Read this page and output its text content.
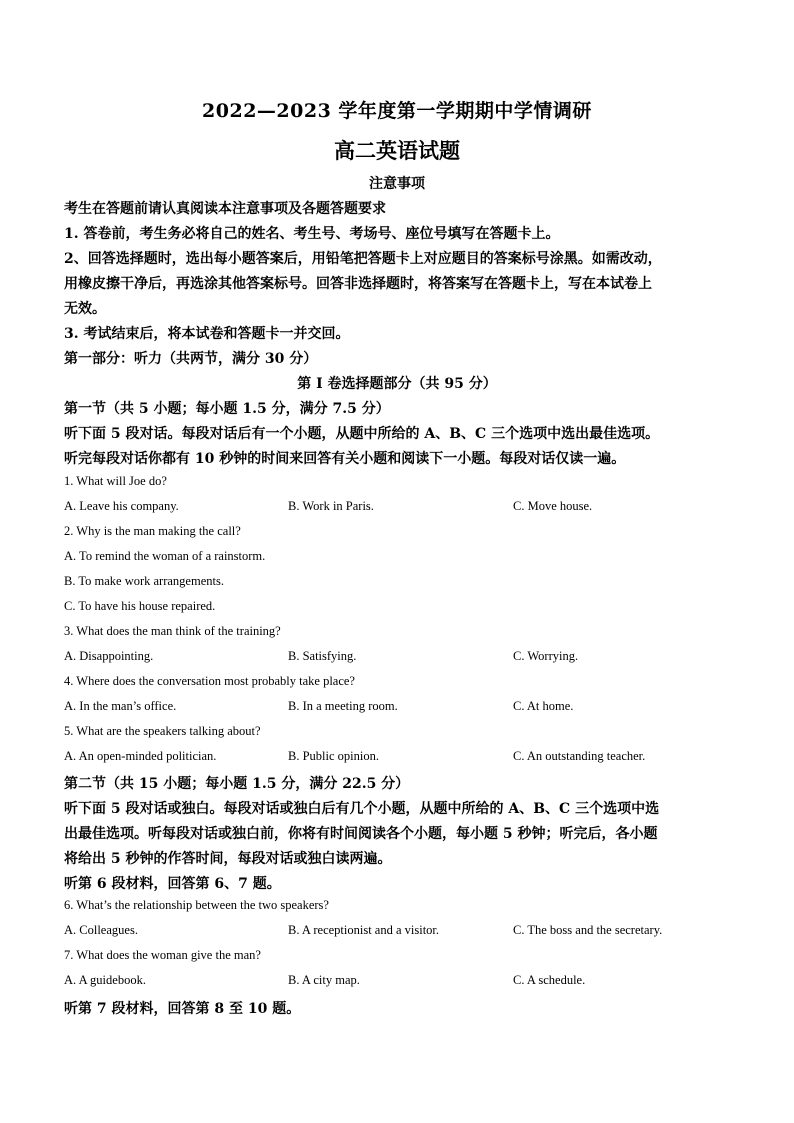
2022—2023 学年度第一学期期中学情调研
高二英语试题
注意事项
考生在答题前请认真阅读本注意事项及各题答题要求
1. 答卷前，考生务必将自己的姓名、考生号、考场号、座位号填写在答题卡上。
2、回答选择题时，选出每小题答案后，用铅笔把答题卡上对应题目的答案标号涂黑。如需改动，
用橡皮擦干净后，再选涂其他答案标号。回答非选择题时，将答案写在答题卡上，写在本试卷上
无效。
3. 考试结束后，将本试卷和答题卡一并交回。
第一部分：听力（共两节，满分 30 分）
第 I 卷选择题部分（共 95 分）
第一节（共 5 小题；每小题 1.5 分，满分 7.5 分）
听下面 5 段对话。每段对话后有一个小题，从题中所给的 A、B、C 三个选项中选出最佳选项。
听完每段对话你都有 10 秒钟的时间来回答有关小题和阅读下一小题。每段对话仅读一遍。
1. What will Joe do?
A. Leave his company.	B. Work in Paris.	C. Move house.
2. Why is the man making the call?
A. To remind the woman of a rainstorm.
B. To make work arrangements.
C. To have his house repaired.
3. What does the man think of the training?
A. Disappointing.	B. Satisfying.	C. Worrying.
4. Where does the conversation most probably take place?
A. In the man’s office.	B. In a meeting room.	C. At home.
5. What are the speakers talking about?
A. An open-minded politician.	B. Public opinion.	C. An outstanding teacher.
第二节（共 15 小题；每小题 1.5 分，满分 22.5 分）
听下面 5 段对话或独白。每段对话或独白后有几个小题，从题中所给的 A、B、C 三个选项中选
出最佳选项。听每段对话或独白前，你将有时间阅读各个小题，每小题 5 秒钟；听完后，各小题
将给出 5 秒钟的作答时间，每段对话或独白读两遍。
听第 6 段材料，回答第 6、7 题。
6. What’s the relationship between the two speakers?
A. Colleagues.	B. A receptionist and a visitor.	C. The boss and the secretary.
7. What does the woman give the man?
A. A guidebook.	B. A city map.	C. A schedule.
听第 7 段材料，回答第 8 至 10 题。
